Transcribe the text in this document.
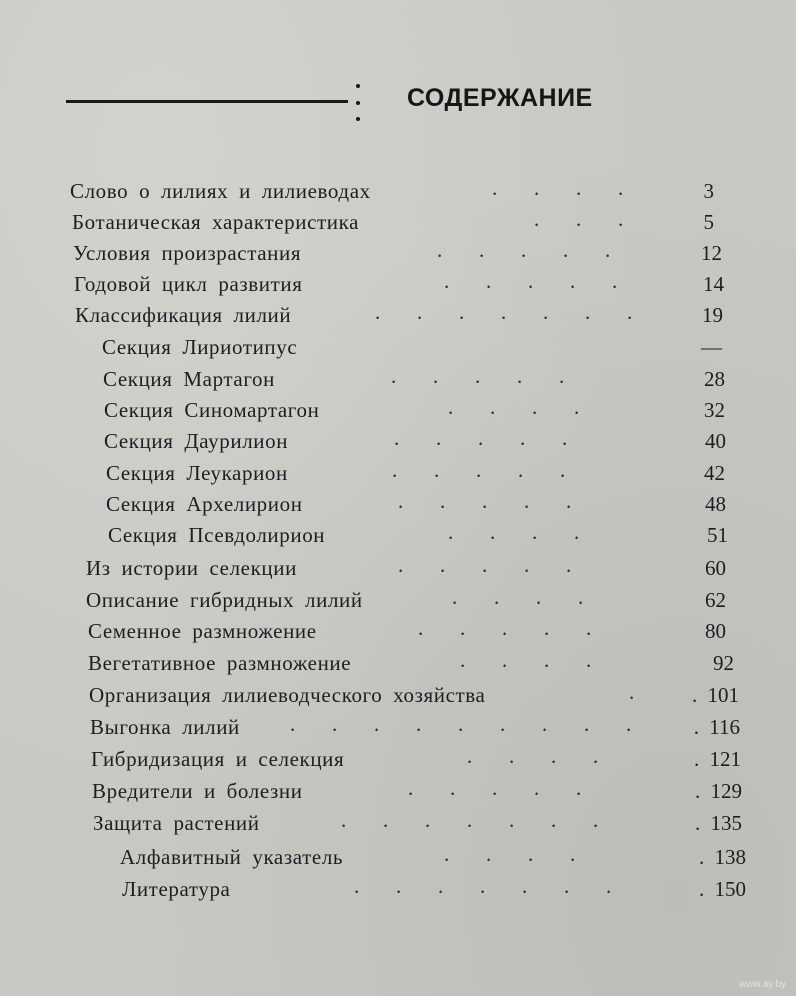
СОДЕРЖАНИЕ
Слово о лилиях и лилиеводах	.       .       .       .	3
Ботаническая характеристика	.       .       .	5
Условия произрастания	.       .       .       .       .	12
Годовой цикл развития	.       .       .       .       .	14
Классификация лилий	.       .       .       .       .       .       .	19
Секция Лириотипус	—
Секция Мартагон	.       .       .       .       .	28
Секция Синомартагон	.       .       .       .	32
Секция Даурилион	.       .       .       .       .	40
Секция Леукарион	.       .       .       .       .	42
Секция Архелирион	.       .       .       .       .	48
Секция Псевдолирион	.       .       .       .	51
Из истории селекции	.       .       .       .       .	60
Описание гибридных лилий	.       .       .       .	62
Семенное размножение	.       .       .       .       .	80
Вегетативное размножение	.       .       .       .	92
Организация лилиеводческого хозяйства	.	. 101
Выгонка лилий .       .       .       .       .       .       .       .       .	. 116
Гибридизация и селекция	.       .       .       .	. 121
Вредители и болезни	.       .       .       .       .	. 129
Защита растений	.       .       .       .       .       .       .	. 135
Алфавитный указатель	.       .       .       .	. 138
Литература	.       .       .       .       .       .       .	. 150
www.ay.by
